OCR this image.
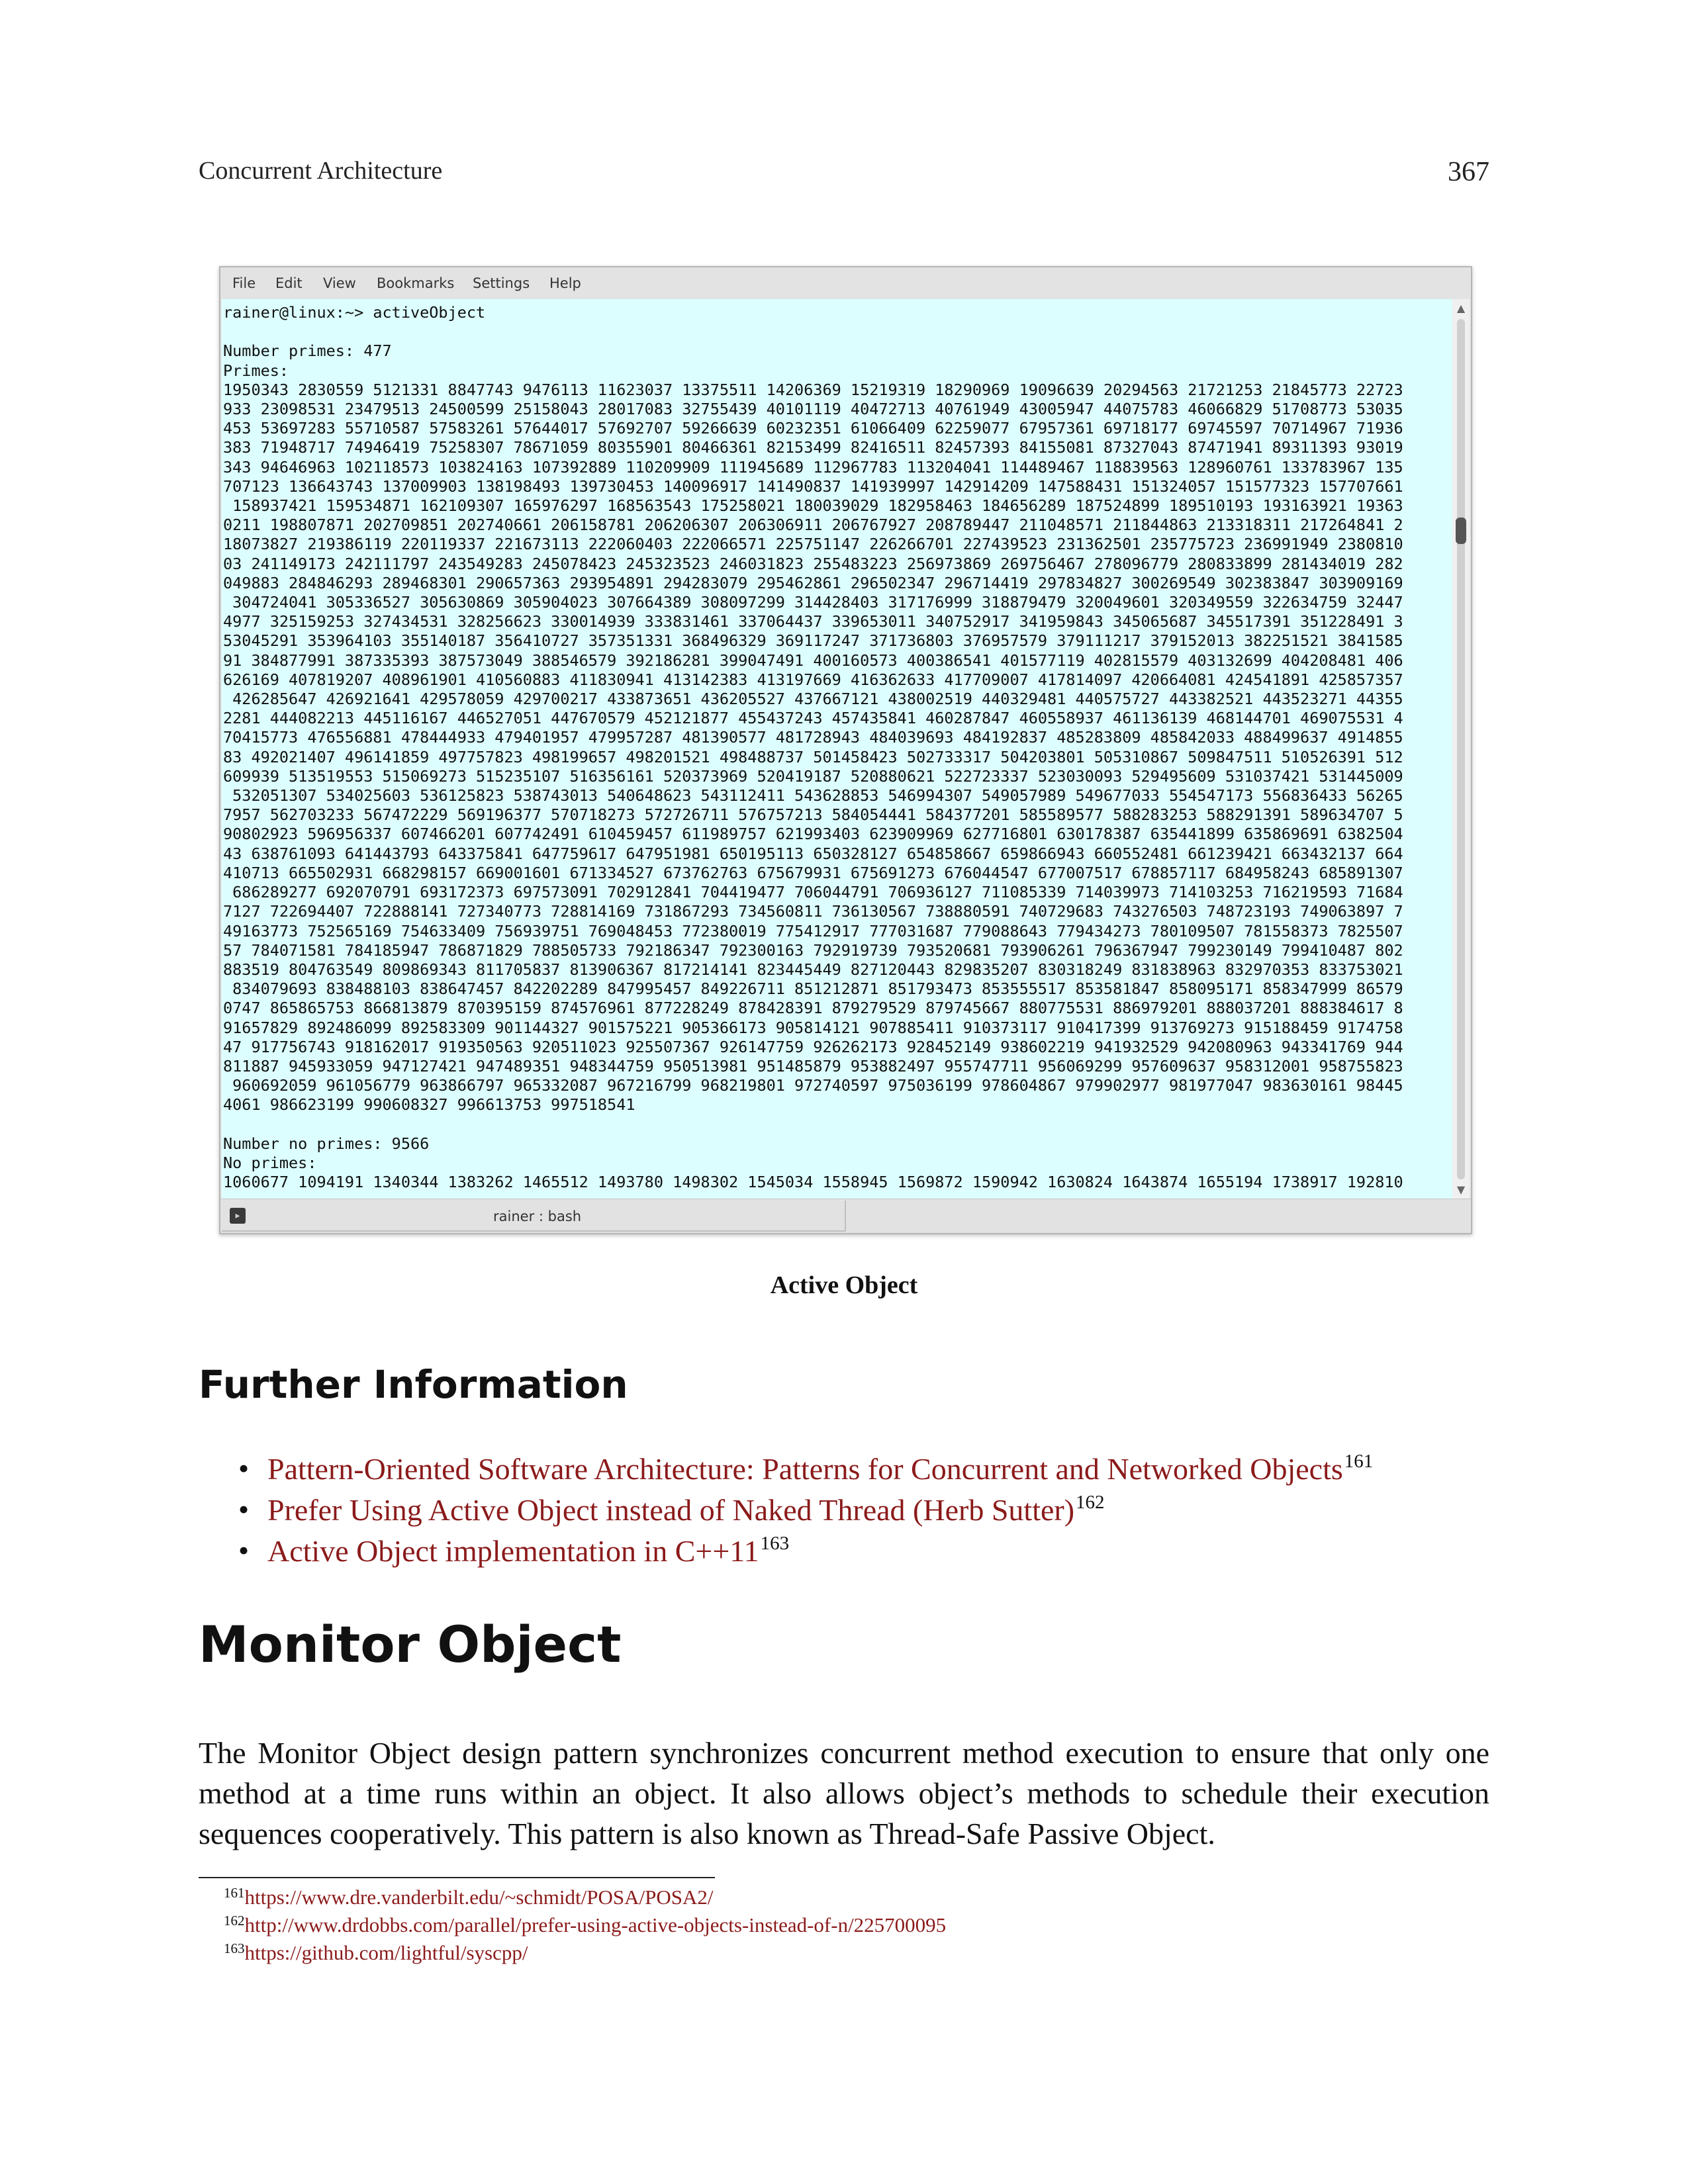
Concurrent Architecture	367
File Edit View Bookmarks Settings Help
rainer@linux:~> activeObject

Number primes: 477
Primes:
1950343 2830559 5121331 8847743 9476113 11623037 13375511 14206369 15219319 18290969 19096639 20294563 21721253 21845773 22723
933 23098531 23479513 24500599 25158043 28017083 32755439 40101119 40472713 40761949 43005947 44075783 46066829 51708773 53035
453 53697283 55710587 57583261 57644017 57692707 59266639 60232351 61066409 62259077 67957361 69718177 69745597 70714967 71936
383 71948717 74946419 75258307 78671059 80355901 80466361 82153499 82416511 82457393 84155081 87327043 87471941 89311393 93019
343 94646963 102118573 103824163 107392889 110209909 111945689 112967783 113204041 114489467 118839563 128960761 133783967 135
707123 136643743 137009903 138198493 139730453 140096917 141490837 141939997 142914209 147588431 151324057 151577323 157707661
158937421 159534871 162109307 165976297 168563543 175258021 180039029 182958463 184656289 187524899 189510193 193163921 19363
0211 198807871 202709851 202740661 206158781 206206307 206306911 206767927 208789447 211048571 211844863 213318311 217264841 2
18073827 219386119 220119337 221673113 222060403 222066571 225751147 226266701 227439523 231362501 235775723 236991949 2380810
03 241149173 242111797 243549283 245078423 245323523 246031823 255483223 256973869 269756467 278096779 280833899 281434019 282
049883 284846293 289468301 290657363 293954891 294283079 295462861 296502347 296714419 297834827 300269549 302383847 303909169
304724041 305336527 305630869 305904023 307664389 308097299 314428403 317176999 318879479 320049601 320349559 322634759 32447
4977 325159253 327434531 328256623 330014939 333831461 337064437 339653011 340752917 341959843 345065687 345517391 351228491 3
53045291 353964103 355140187 356410727 357351331 368496329 369117247 371736803 376957579 379111217 379152013 382251521 3841585
91 384877991 387335393 387573049 388546579 392186281 399047491 400160573 400386541 401577119 402815579 403132699 404208481 406
626169 407819207 408961901 410560883 411830941 413142383 413197669 416362633 417709007 417814097 420664081 424541891 425857357
426285647 426921641 429578059 429700217 433873651 436205527 437667121 438002519 440329481 440575727 443382521 443523271 44355
2281 444082213 445116167 446527051 447670579 452121877 455437243 457435841 460287847 460558937 461136139 468144701 469075531 4
70415773 476556881 478444933 479401957 479957287 481390577 481728943 484039693 484192837 485283809 485842033 488499637 4914855
83 492021407 496141859 497757823 498199657 498201521 498488737 501458423 502733317 504203801 505310867 509847511 510526391 512
609939 513519553 515069273 515235107 516356161 520373969 520419187 520880621 522723337 523030093 529495609 531037421 531445009
532051307 534025603 536125823 538743013 540648623 543112411 543628853 546994307 549057989 549677033 554547173 556836433 56265
7957 562703233 567472229 569196377 570718273 572726711 576757213 584054441 584377201 585589577 588283253 588291391 589634707 5
90802923 596956337 607466201 607742491 610459457 611989757 621993403 623909969 627716801 630178387 635441899 635869691 6382504
43 638761093 641443793 643375841 647759617 647951981 650195113 650328127 654858667 659866943 660552481 661239421 663432137 664
410713 665502931 668298157 669001601 671334527 673762763 675679931 675691273 676044547 677007517 678857117 684958243 685891307
686289277 692070791 693172373 697573091 702912841 704419477 706044791 706936127 711085339 714039973 714103253 716219593 71684
7127 722694407 722888141 727340773 728814169 731867293 734560811 736130567 738880591 740729683 743276503 748723193 749063897 7
49163773 752565169 754633409 756939751 769048453 772380019 775412917 777031687 779088643 779434273 780109507 781558373 7825507
57 784071581 784185947 786871829 788505733 792186347 792300163 792919739 793520681 793906261 796367947 799230149 799410487 802
883519 804763549 809869343 811705837 813906367 817214141 823445449 827120443 829835207 830318249 831838963 832970353 833753021
834079693 838488103 838647457 842202289 847995457 849226711 851212871 851793473 853555517 853581847 858095171 858347999 86579
0747 865865753 866813879 870395159 874576961 877228249 878428391 879279529 879745667 880775531 886979201 888037201 888384617 8
91657829 892486099 892583309 901144327 901575221 905366173 905814121 907885411 910373117 910417399 913769273 915188459 9174758
47 917756743 918162017 919350563 920511023 925507367 926147759 926262173 928452149 938602219 941932529 942080963 943341769 944
811887 945933059 947127421 947489351 948344759 950513981 951485879 953882497 955747711 956069299 957609637 958312001 958755823
960692059 961056779 963866797 965332087 967216799 968219801 972740597 975036199 978604867 979902977 981977047 983630161 98445
4061 986623199 990608327 996613753 997518541

Number no primes: 9566
No primes:
1060677 1094191 1340344 1383262 1465512 1493780 1498302 1545034 1558945 1569872 1590942 1630824 1643874 1655194 1738917 192810
▲
▼
▸	rainer : bash
Active Object
Further Information
• Pattern-Oriented Software Architecture: Patterns for Concurrent and Networked Objects$^{161}$
• Prefer Using Active Object instead of Naked Thread (Herb Sutter)$^{162}$
• Active Object implementation in $C++11^{163}$
Monitor Object
The Monitor Object design pattern synchronizes concurrent method execution to ensure that only one method at a time runs within an object. It also allows object’s methods to schedule their execution sequences cooperatively. This pattern is also known as Thread-Safe Passive Object.
$^{161}$https://www.dre.vanderbilt.edu/~schmidt/POSA/POSA2/
$^{162}$http://www.drdobbs.com/parallel/prefer-using-active-objects-instead-of-n/225700095
$^{163}$https://github.com/lightful/syscpp/
